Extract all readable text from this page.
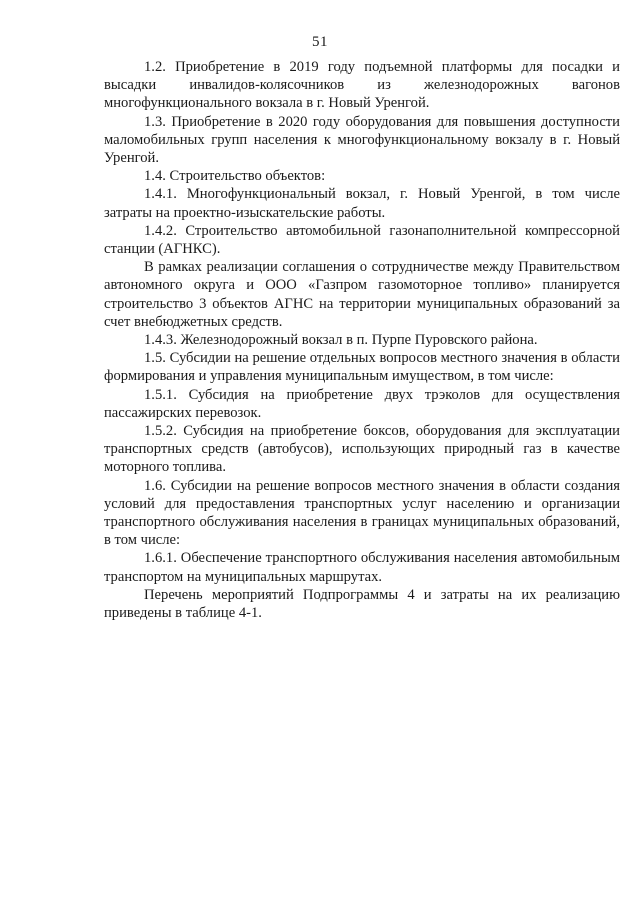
51

1.2. Приобретение в 2019 году подъемной платформы для посадки и высадки инвалидов-колясочников из железнодорожных вагонов многофункционального вокзала в г. Новый Уренгой.

1.3. Приобретение в 2020 году оборудования для повышения доступности маломобильных групп населения к многофункциональному вокзалу в г. Новый Уренгой.

1.4. Строительство объектов:

1.4.1. Многофункциональный вокзал, г. Новый Уренгой, в том числе затраты на проектно-изыскательские работы.

1.4.2. Строительство автомобильной газонаполнительной компрессорной станции (АГНКС).

В рамках реализации соглашения о сотрудничестве между Правительством автономного округа и ООО «Газпром газомоторное топливо» планируется строительство 3 объектов АГНС на территории муниципальных образований за счет внебюджетных средств.

1.4.3. Железнодорожный вокзал в п. Пурпе Пуровского района.

1.5. Субсидии на решение отдельных вопросов местного значения в области формирования и управления муниципальным имуществом, в том числе:

1.5.1. Субсидия на приобретение двух трэколов для осуществления пассажирских перевозок.

1.5.2. Субсидия на приобретение боксов, оборудования для эксплуатации транспортных средств (автобусов), использующих природный газ в качестве моторного топлива.

1.6. Субсидии на решение вопросов местного значения в области создания условий для предоставления транспортных услуг населению и организации транспортного обслуживания населения в границах муниципальных образований, в том числе:

1.6.1. Обеспечение транспортного обслуживания населения автомобильным транспортом на муниципальных маршрутах.

Перечень мероприятий Подпрограммы 4 и затраты на их реализацию приведены в таблице 4-1.
